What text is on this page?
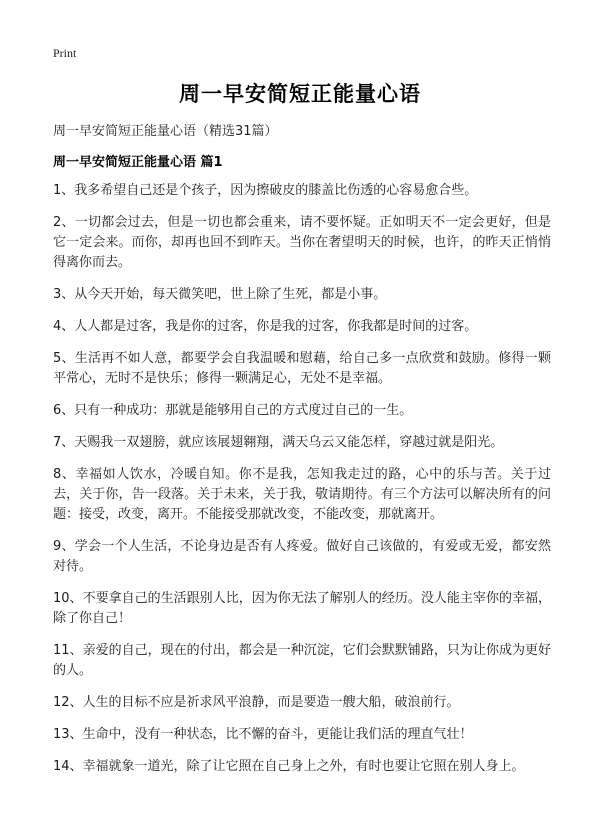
Print
周一早安简短正能量心语
周一早安简短正能量心语（精选31篇）
周一早安简短正能量心语 篇1
1、我多希望自己还是个孩子，因为擦破皮的膝盖比伤透的心容易愈合些。
2、一切都会过去，但是一切也都会重来，请不要怀疑。正如明天不一定会更好，但是它一定会来。而你，却再也回不到昨天。当你在奢望明天的时候，也许，的昨天正悄悄得离你而去。
3、从今天开始，每天微笑吧，世上除了生死，都是小事。
4、人人都是过客，我是你的过客，你是我的过客，你我都是时间的过客。
5、生活再不如人意，都要学会自我温暖和慰藉，给自己多一点欣赏和鼓励。修得一颗平常心，无时不是快乐；修得一颗满足心，无处不是幸福。
6、只有一种成功：那就是能够用自己的方式度过自己的一生。
7、天赐我一双翅膀，就应该展翅翱翔，满天乌云又能怎样，穿越过就是阳光。
8、幸福如人饮水，冷暖自知。你不是我，怎知我走过的路，心中的乐与苦。关于过去，关于你，告一段落。关于未来，关于我，敬请期待。有三个方法可以解决所有的问题：接受，改变，离开。不能接受那就改变，不能改变，那就离开。
9、学会一个人生活，不论身边是否有人疼爱。做好自己该做的，有爱或无爱，都安然对待。
10、不要拿自己的生活跟别人比，因为你无法了解别人的经历。没人能主宰你的幸福，除了你自己！
11、亲爱的自己，现在的付出，都会是一种沉淀，它们会默默铺路，只为让你成为更好的人。
12、人生的目标不应是祈求风平浪静，而是要造一艘大船，破浪前行。
13、生命中，没有一种状态，比不懈的奋斗，更能让我们活的理直气壮！
14、幸福就象一道光，除了让它照在自己身上之外，有时也要让它照在别人身上。
